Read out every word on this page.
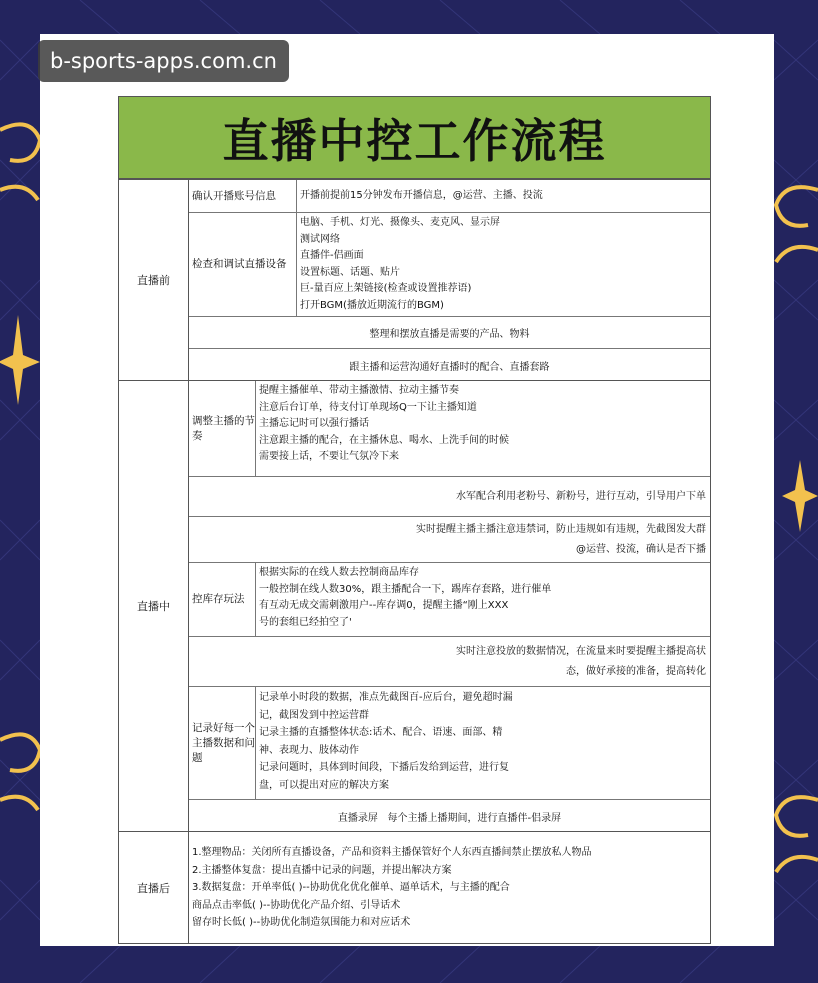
b-sports-apps.com.cn
直播中控工作流程
直播前
确认开播账号信息	开播前提前15分钟发布开播信息，@运营、主播、投流
检查和调试直播设备
电脑、手机、灯光、摄像头、麦克风、显示屏
测试网络
直播伴-侣画面
设置标题、话题、贴片
巨-量百应上架链接(检查或设置推荐语)
打开BGM(播放近期流行的BGM)
整理和摆放直播是需要的产品、物料
跟主播和运营沟通好直播时的配合、直播套路
直播中
调整主播的节奏
提醒主播催单、带动主播激情、拉动主播节奏
注意后台订单，待支付订单现场Q一下让主播知道
主播忘记时可以强行播话
注意跟主播的配合，在主播休息、喝水、上洗手间的时候
需要接上话，不要让气氛冷下来
水军配合利用老粉号、新粉号，进行互动，引导用户下单
实时提醒主播主播注意违禁词，防止违规如有违规，先截图发大群
@运营、投流，确认是否下播
控库存玩法
根据实际的在线人数去控制商品库存
一般控制在线人数30%，跟主播配合一下，踢库存套路，进行催单
有互动无成交需刺激用户--库存调0，提醒主播“刚上XXX
号的套组已经拍空了'
实时注意投放的数据情况，在流量来时要提醒主播提高状
态，做好承接的准备，提高转化
记录好每一个主播数据和问题
记录单小时段的数据，准点先截图百-应后台，避免超时漏
记，截图发到中控运营群
记录主播的直播整体状态:话术、配合、语速、面部、精
神、表现力、肢体动作
记录问题时，具体到时间段，下播后发给到运营，进行复
盘，可以提出对应的解决方案
直播录屏   每个主播上播期间，进行直播伴-侣录屏
直播后
1.整理物品：关闭所有直播设备，产品和资料主播保管好个人东西直播间禁止摆放私人物品
2.主播整体复盘：提出直播中记录的问题，并提出解决方案
3.数据复盘：开单率低( )--协助优化优化催单、逼单话术，与主播的配合
商品点击率低( )--协助优化产品介绍、引导话术
留存时长低( )--协助优化制造氛围能力和对应话术
